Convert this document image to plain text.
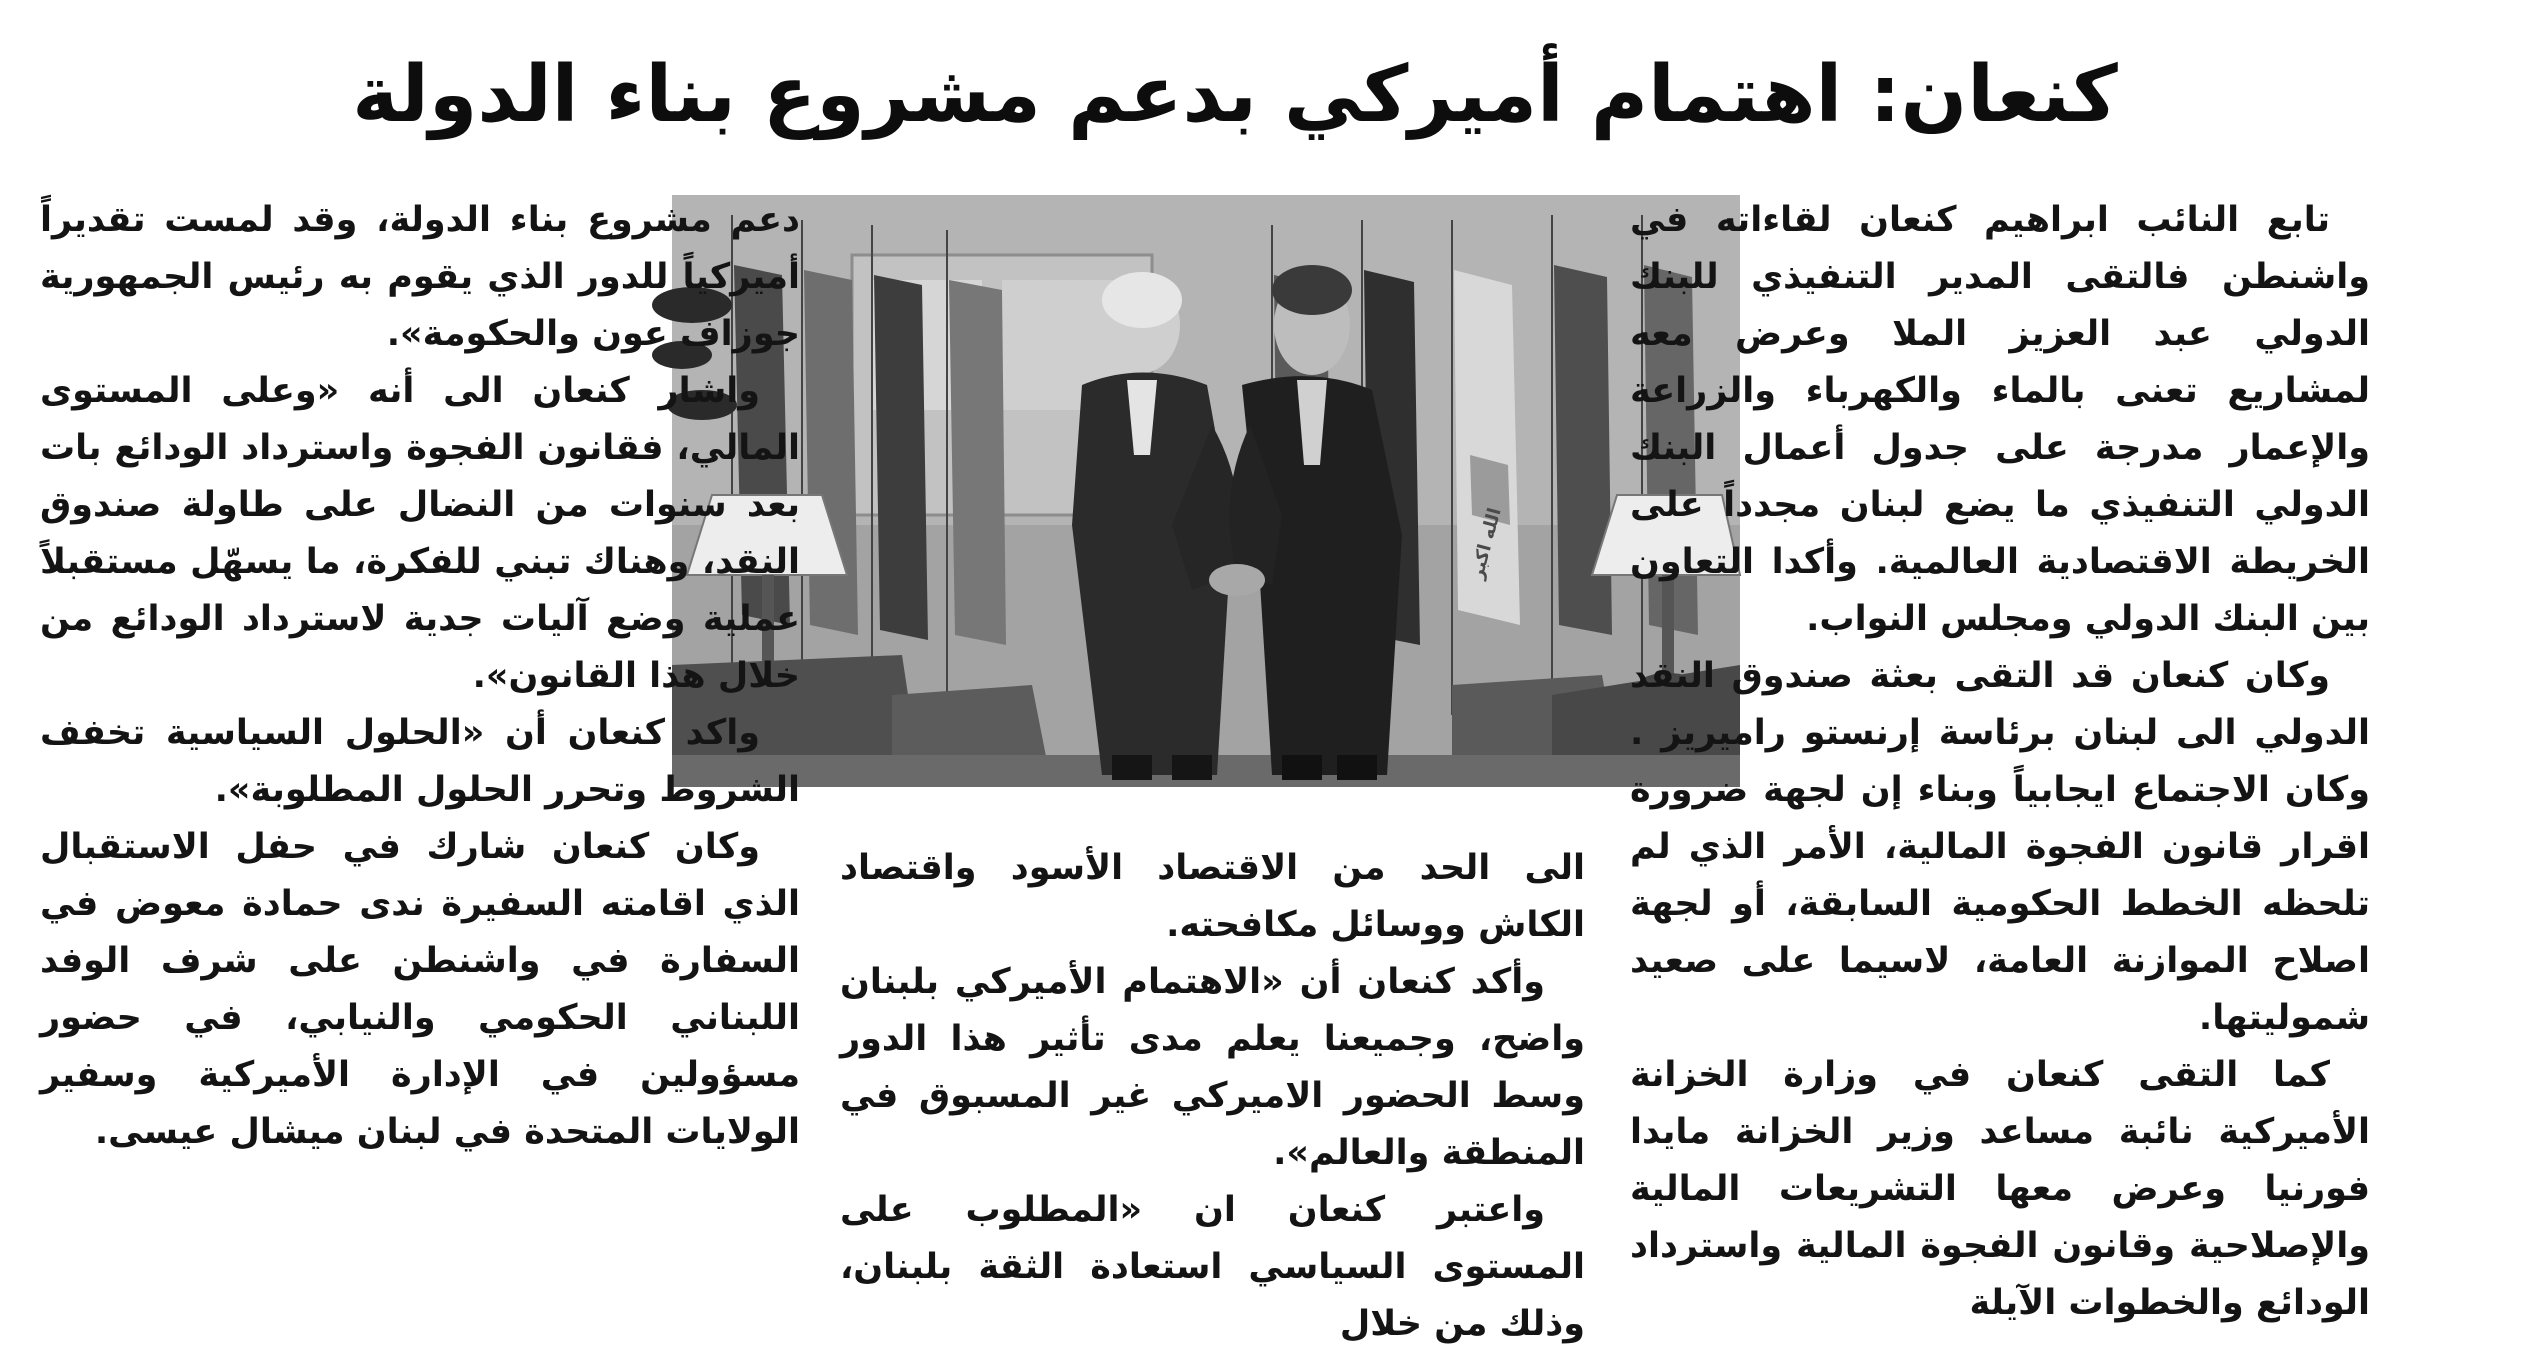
كنعان: اهتمام أميركي بدعم مشروع بناء الدولة
الله اكبر

تابع النائب ابراهيم كنعان لقاءاته في واشنطن فالتقى المدير التنفيذي للبنك الدولي عبد العزيز الملا وعرض معه لمشاريع تعنى بالماء والكهرباء والزراعة والإعمار مدرجة على جدول أعمال البنك الدولي التنفيذي ما يضع لبنان مجدداً على الخريطة الاقتصادية العالمية. وأكدا التعاون بين البنك الدولي ومجلس النواب.

وكان كنعان قد التقى بعثة صندوق النقد الدولي الى لبنان برئاسة إرنستو راميريز . وكان الاجتماع ايجابياً وبناء إن لجهة ضرورة اقرار قانون الفجوة المالية، الأمر الذي لم تلحظه الخطط الحكومية السابقة، أو لجهة اصلاح الموازنة العامة، لاسيما على صعيد شموليتها.

كما التقى كنعان في وزارة الخزانة الأميركية نائبة مساعد وزير الخزانة مايدا فورنيا وعرض معها التشريعات المالية والإصلاحية وقانون الفجوة المالية واسترداد الودائع والخطوات الآيلة

الى الحد من الاقتصاد الأسود واقتصاد الكاش ووسائل مكافحته.

وأكد كنعان أن «الاهتمام الأميركي بلبنان واضح، وجميعنا يعلم مدى تأثير هذا الدور وسط الحضور الاميركي غير المسبوق في المنطقة والعالم».

واعتبر كنعان ان «المطلوب على المستوى السياسي استعادة الثقة بلبنان، وذلك من خلال

دعم مشروع بناء الدولة، وقد لمست تقديراً أميركياً للدور الذي يقوم به رئيس الجمهورية جوزاف عون والحكومة».

واشار كنعان الى أنه «وعلى المستوى المالي، فقانون الفجوة واسترداد الودائع بات بعد سنوات من النضال على طاولة صندوق النقد، وهناك تبني للفكرة، ما يسهّل مستقبلاً عملية وضع آليات جدية لاسترداد الودائع من خلال هذا القانون».

واكد كنعان أن «الحلول السياسية تخفف الشروط وتحرر الحلول المطلوبة».

وكان كنعان شارك في حفل الاستقبال الذي اقامته السفيرة ندى حمادة معوض في السفارة في واشنطن على شرف الوفد اللبناني الحكومي والنيابي، في حضور مسؤولين في الإدارة الأميركية وسفير الولايات المتحدة في لبنان ميشال عيسى.
